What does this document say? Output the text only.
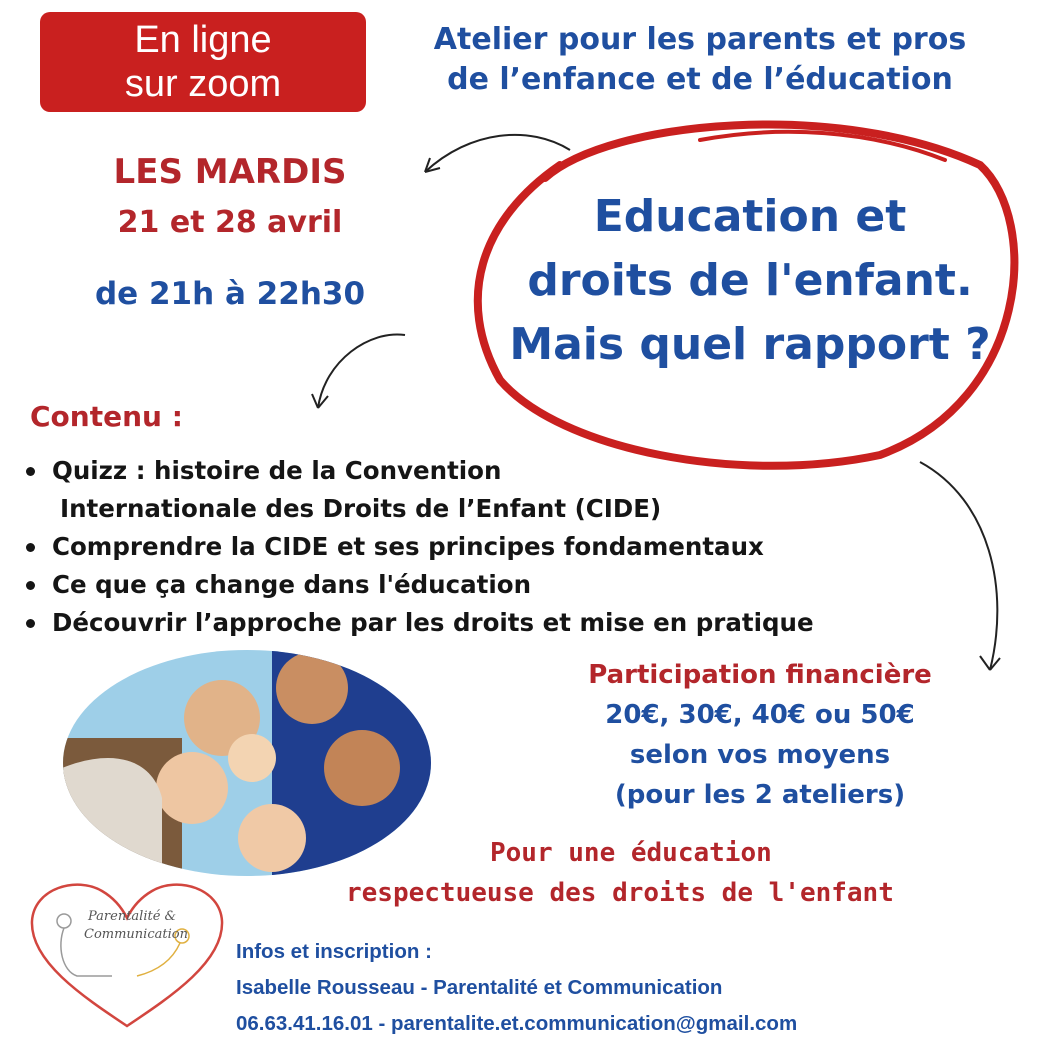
En ligne
sur zoom
Atelier pour les parents et pros
de l’enfance et de l’éducation
LES MARDIS
21 et 28 avril
de 21h à 22h30
Education et
droits de l'enfant.
Mais quel rapport ?
Contenu :
Quizz : histoire de la Convention
Internationale des Droits de l’Enfant (CIDE)
Comprendre la CIDE et ses principes fondamentaux
Ce que ça change dans l'éducation
Découvrir l’approche par les droits et mise en pratique
Participation financière
20€, 30€, 40€ ou 50€
selon vos moyens
(pour les 2 ateliers)
Pour une éducation
respectueuse des droits de l'enfant
Parentalité &
Communication
Infos et inscription :
Isabelle Rousseau - Parentalité et Communication
06.63.41.16.01 - parentalite.et.communication@gmail.com
